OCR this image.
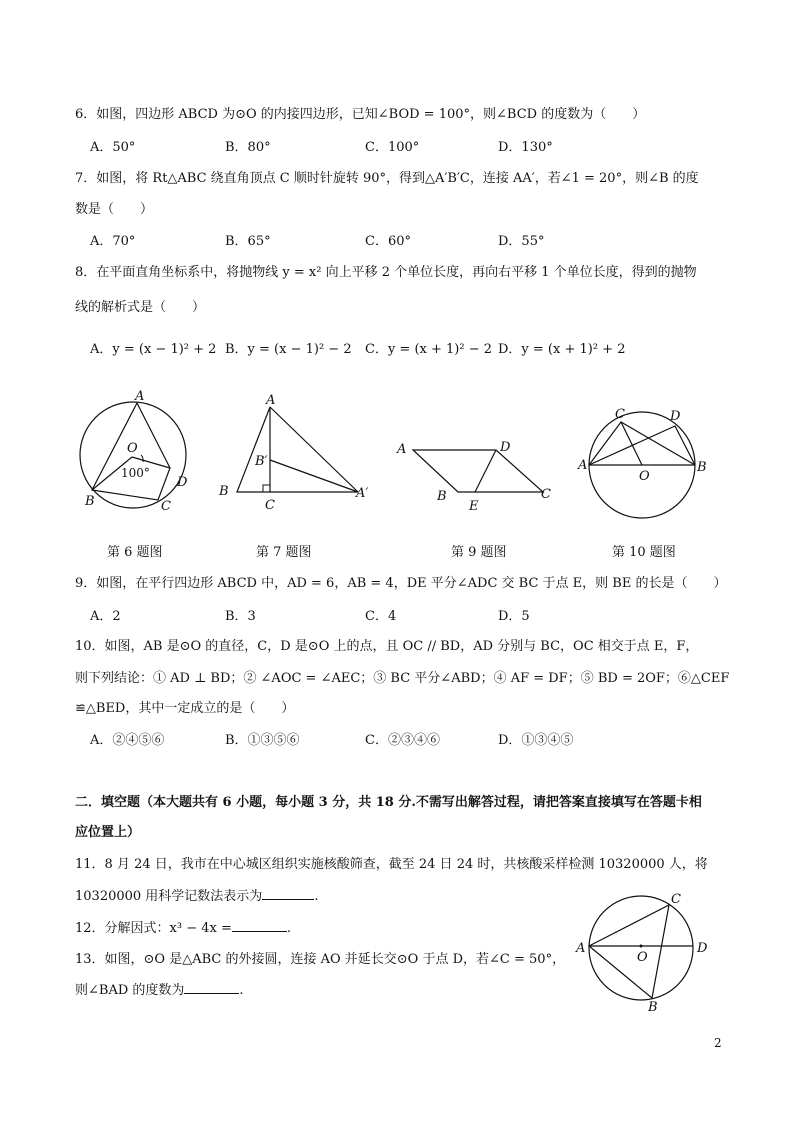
6．如图，四边形 ABCD 为⊙O 的内接四边形，已知∠BOD = 100°，则∠BCD 的度数为（　　）
A．50°	B．80°	C．100°	D．130°
7．如图，将 Rt△ABC 绕直角顶点 C 顺时针旋转 90°，得到△A′B′C，连接 AA′，若∠1 = 20°，则∠B 的度
数是（　　）
A．70°	B．65°	C．60°	D．55°
8．在平面直角坐标系中，将抛物线 y = x² 向上平移 2 个单位长度，再向右平移 1 个单位长度，得到的抛物
线的解析式是（　　）
A．y = (x − 1)² + 2 B．y = (x − 1)² − 2 C．y = (x + 1)² − 2 D．y = (x + 1)² + 2
A
O
100°
D
B	C
第 6 题图
A
B′
B
C
A′
第 7 题图
A	D
B
E
C
第 9 题图
C	D
A	B
O
第 10 题图
9．如图，在平行四边形 ABCD 中，AD = 6，AB = 4，DE 平分∠ADC 交 BC 于点 E，则 BE 的长是（　　）
A．2	B．3	C．4	D．5
10．如图，AB 是⊙O 的直径，C，D 是⊙O 上的点，且 OC // BD，AD 分别与 BC，OC 相交于点 E，F，
则下列结论：① AD ⊥ BD；② ∠AOC = ∠AEC；③ BC 平分∠ABD；④ AF = DF；⑤ BD = 2OF；⑥△CEF
≌△BED，其中一定成立的是（　　）
A．②④⑤⑥	B．①③⑤⑥	C．②③④⑥	D．①③④⑤
二．填空题（本大题共有 6 小题，每小题 3 分，共 18 分.不需写出解答过程，请把答案直接填写在答题卡相
应位置上）
11．8 月 24 日，我市在中心城区组织实施核酸筛查，截至 24 日 24 时，共核酸采样检测 10320000 人，将
10320000 用科学记数法表示为	.
12．分解因式：x³ − 4x =	.
13．如图，⊙O 是△ABC 的外接圆，连接 AO 并延长交⊙O 于点 D，若∠C = 50°，
则∠BAD 的度数为	.
A
C
D
O
B
2
